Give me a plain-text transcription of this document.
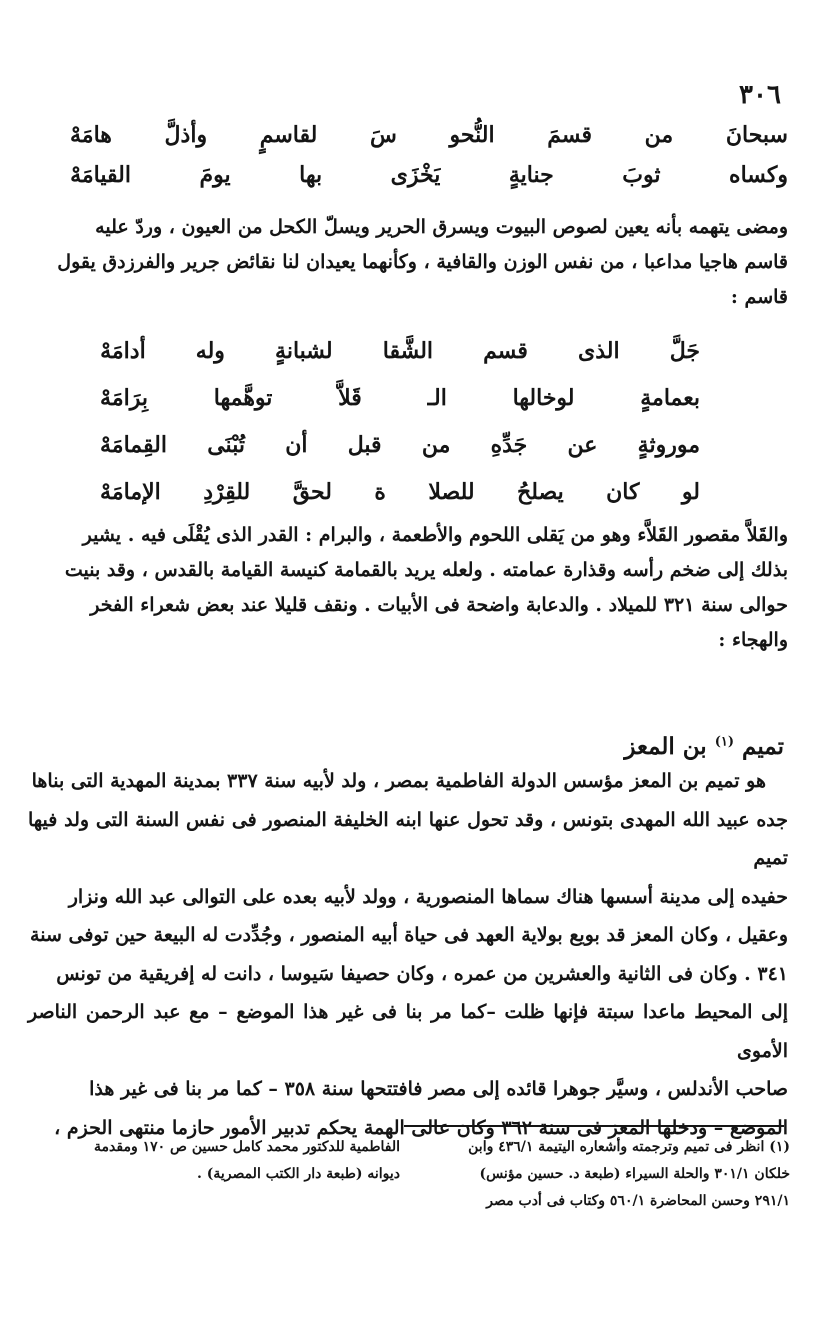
٣٠٦
سبحانَ
من
قسمَ
النُّحو
سَ
لقاسمٍ
وأذلَّ
هامَهْ
وكساه
ثوبَ
جنايةٍ
يَخْزَى
بها
يومَ
القيامَهْ

ومضى يتهمه بأنه يعين لصوص البيوت ويسرق الحرير ويسلّ الكحل من العيون ، وردّ عليه

قاسم هاجيا مداعبا ، من نفس الوزن والقافية ، وكأنهما يعيدان لنا نقائض جرير والفرزدق يقول

قاسم :

جَلَّ
الذى
قسم
الشَّقا
لشبانةٍ
وله
أدامَهْ
بعمامةٍ
لوخالها
الـ
قَلاَّ
توهَّمها
بِرَامَهْ
موروثةٍ
عن
جَدِّهِ
من
قبل
أن
تُبْنَى
القِمامَهْ
لو
كان
يصلحُ
للصلا
ة
لحقَّ
للقِرْدِ
الإمامَهْ

والقَلاَّ مقصور القَلاَّء وهو من يَقلى اللحوم والأطعمة ، والبرام : القدر الذى يُقْلَى فيه . يشير

بذلك إلى ضخم رأسه وقذارة عمامته . ولعله يريد بالقمامة كنيسة القيامة بالقدس ، وقد بنيت

حوالى سنة ٣٢١ للميلاد . والدعابة واضحة فى الأبيات . ونقف قليلا عند بعض شعراء الفخر

والهجاء :

تميم $^{(١)}$ بن المعز

هو تميم بن المعز مؤسس الدولة الفاطمية بمصر ، ولد لأبيه سنة ٣٣٧ بمدينة المهدية التى بناها

جده عبيد الله المهدى بتونس ، وقد تحول عنها ابنه الخليفة المنصور فى نفس السنة التى ولد فيها تميم

حفيده إلى مدينة أسسها هناك سماها المنصورية ، وولد لأبيه بعده على التوالى عبد الله ونزار

وعقيل ، وكان المعز قد بويع بولاية العهد فى حياة أبيه المنصور ، وجُدِّدت له البيعة حين توفى سنة

٣٤١ . وكان فى الثانية والعشرين من عمره ، وكان حصيفا سَيوسا ، دانت له إفريقية من تونس

إلى المحيط ماعدا سبتة فإنها ظلت –كما مر بنا فى غير هذا الموضع – مع عبد الرحمن الناصر الأموى

صاحب الأندلس ، وسيَّر جوهرا قائده إلى مصر فافتتحها سنة ٣٥٨ – كما مر بنا فى غير هذا

الموضع – ودخلها المعز فى سنة ٣٦٢ وكان عالى الهمة يحكم تدبير الأمور حازما منتهى الحزم ،

(١) انظر فى تميم وترجمته وأشعاره اليتيمة ٤٣٦/١ وابن
خلكان ٣٠١/١ والحلة السيراء (طبعة د. حسين مؤنس)
٢٩١/١ وحسن المحاضرة ٥٦٠/١ وكتاب فى أدب مصر
الفاطمية للدكتور محمد كامل حسين ص ١٧٠ ومقدمة
ديوانه (طبعة دار الكتب المصرية) .
